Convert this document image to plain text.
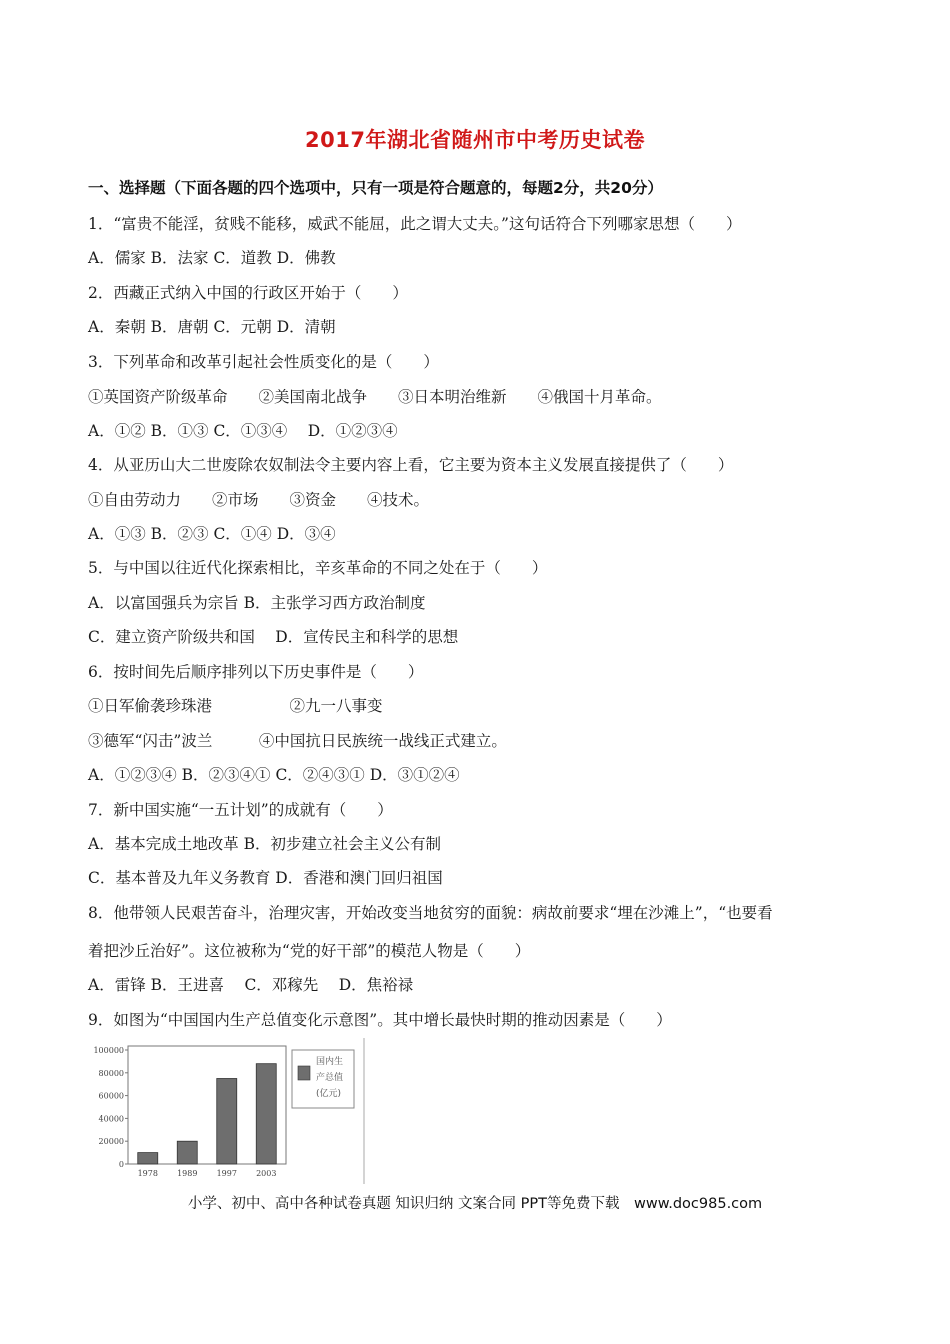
2017年湖北省随州市中考历史试卷
一、选择题（下面各题的四个选项中，只有一项是符合题意的，每题2分，共20分）
1．“富贵不能淫，贫贱不能移，威武不能屈，此之谓大丈夫。”这句话符合下列哪家思想（　　）
A．儒家 B．法家 C．道教 D．佛教
2．西藏正式纳入中国的行政区开始于（　　）
A．秦朝 B．唐朝 C．元朝 D．清朝
3．下列革命和改革引起社会性质变化的是（　　）
①英国资产阶级革命　　②美国南北战争　　③日本明治维新　　④俄国十月革命。
A．①② B．①③ C．①③④　 D．①②③④
4．从亚历山大二世废除农奴制法令主要内容上看，它主要为资本主义发展直接提供了（　　）
①自由劳动力　　②市场　　③资金　　④技术。
A．①③ B．②③ C．①④ D．③④
5．与中国以往近代化探索相比，辛亥革命的不同之处在于（　　）
A．以富国强兵为宗旨 B．主张学习西方政治制度
C．建立资产阶级共和国　 D．宣传民主和科学的思想
6．按时间先后顺序排列以下历史事件是（　　）
①日军偷袭珍珠港　　　　　②九一八事变
③德军“闪击”波兰　　　④中国抗日民族统一战线正式建立。
A．①②③④ B．②③④① C．②④③① D．③①②④
7．新中国实施“一五计划”的成就有（　　）
A．基本完成土地改革 B．初步建立社会主义公有制
C．基本普及九年义务教育 D．香港和澳门回归祖国
8．他带领人民艰苦奋斗，治理灾害，开始改变当地贫穷的面貌：病故前要求“埋在沙滩上”，“也要看
着把沙丘治好”。这位被称为“党的好干部”的模范人物是（　　）
A．雷锋 B．王进喜　 C．邓稼先　 D．焦裕禄
9．如图为“中国国内生产总值变化示意图”。其中增长最快时期的推动因素是（　　）
0
20000
40000
60000
80000
100000
1978 1989 1997 2003
国内生
产总值
(亿元)
小学、初中、高中各种试卷真题 知识归纳 文案合同 PPT等免费下载　www.doc985.com
